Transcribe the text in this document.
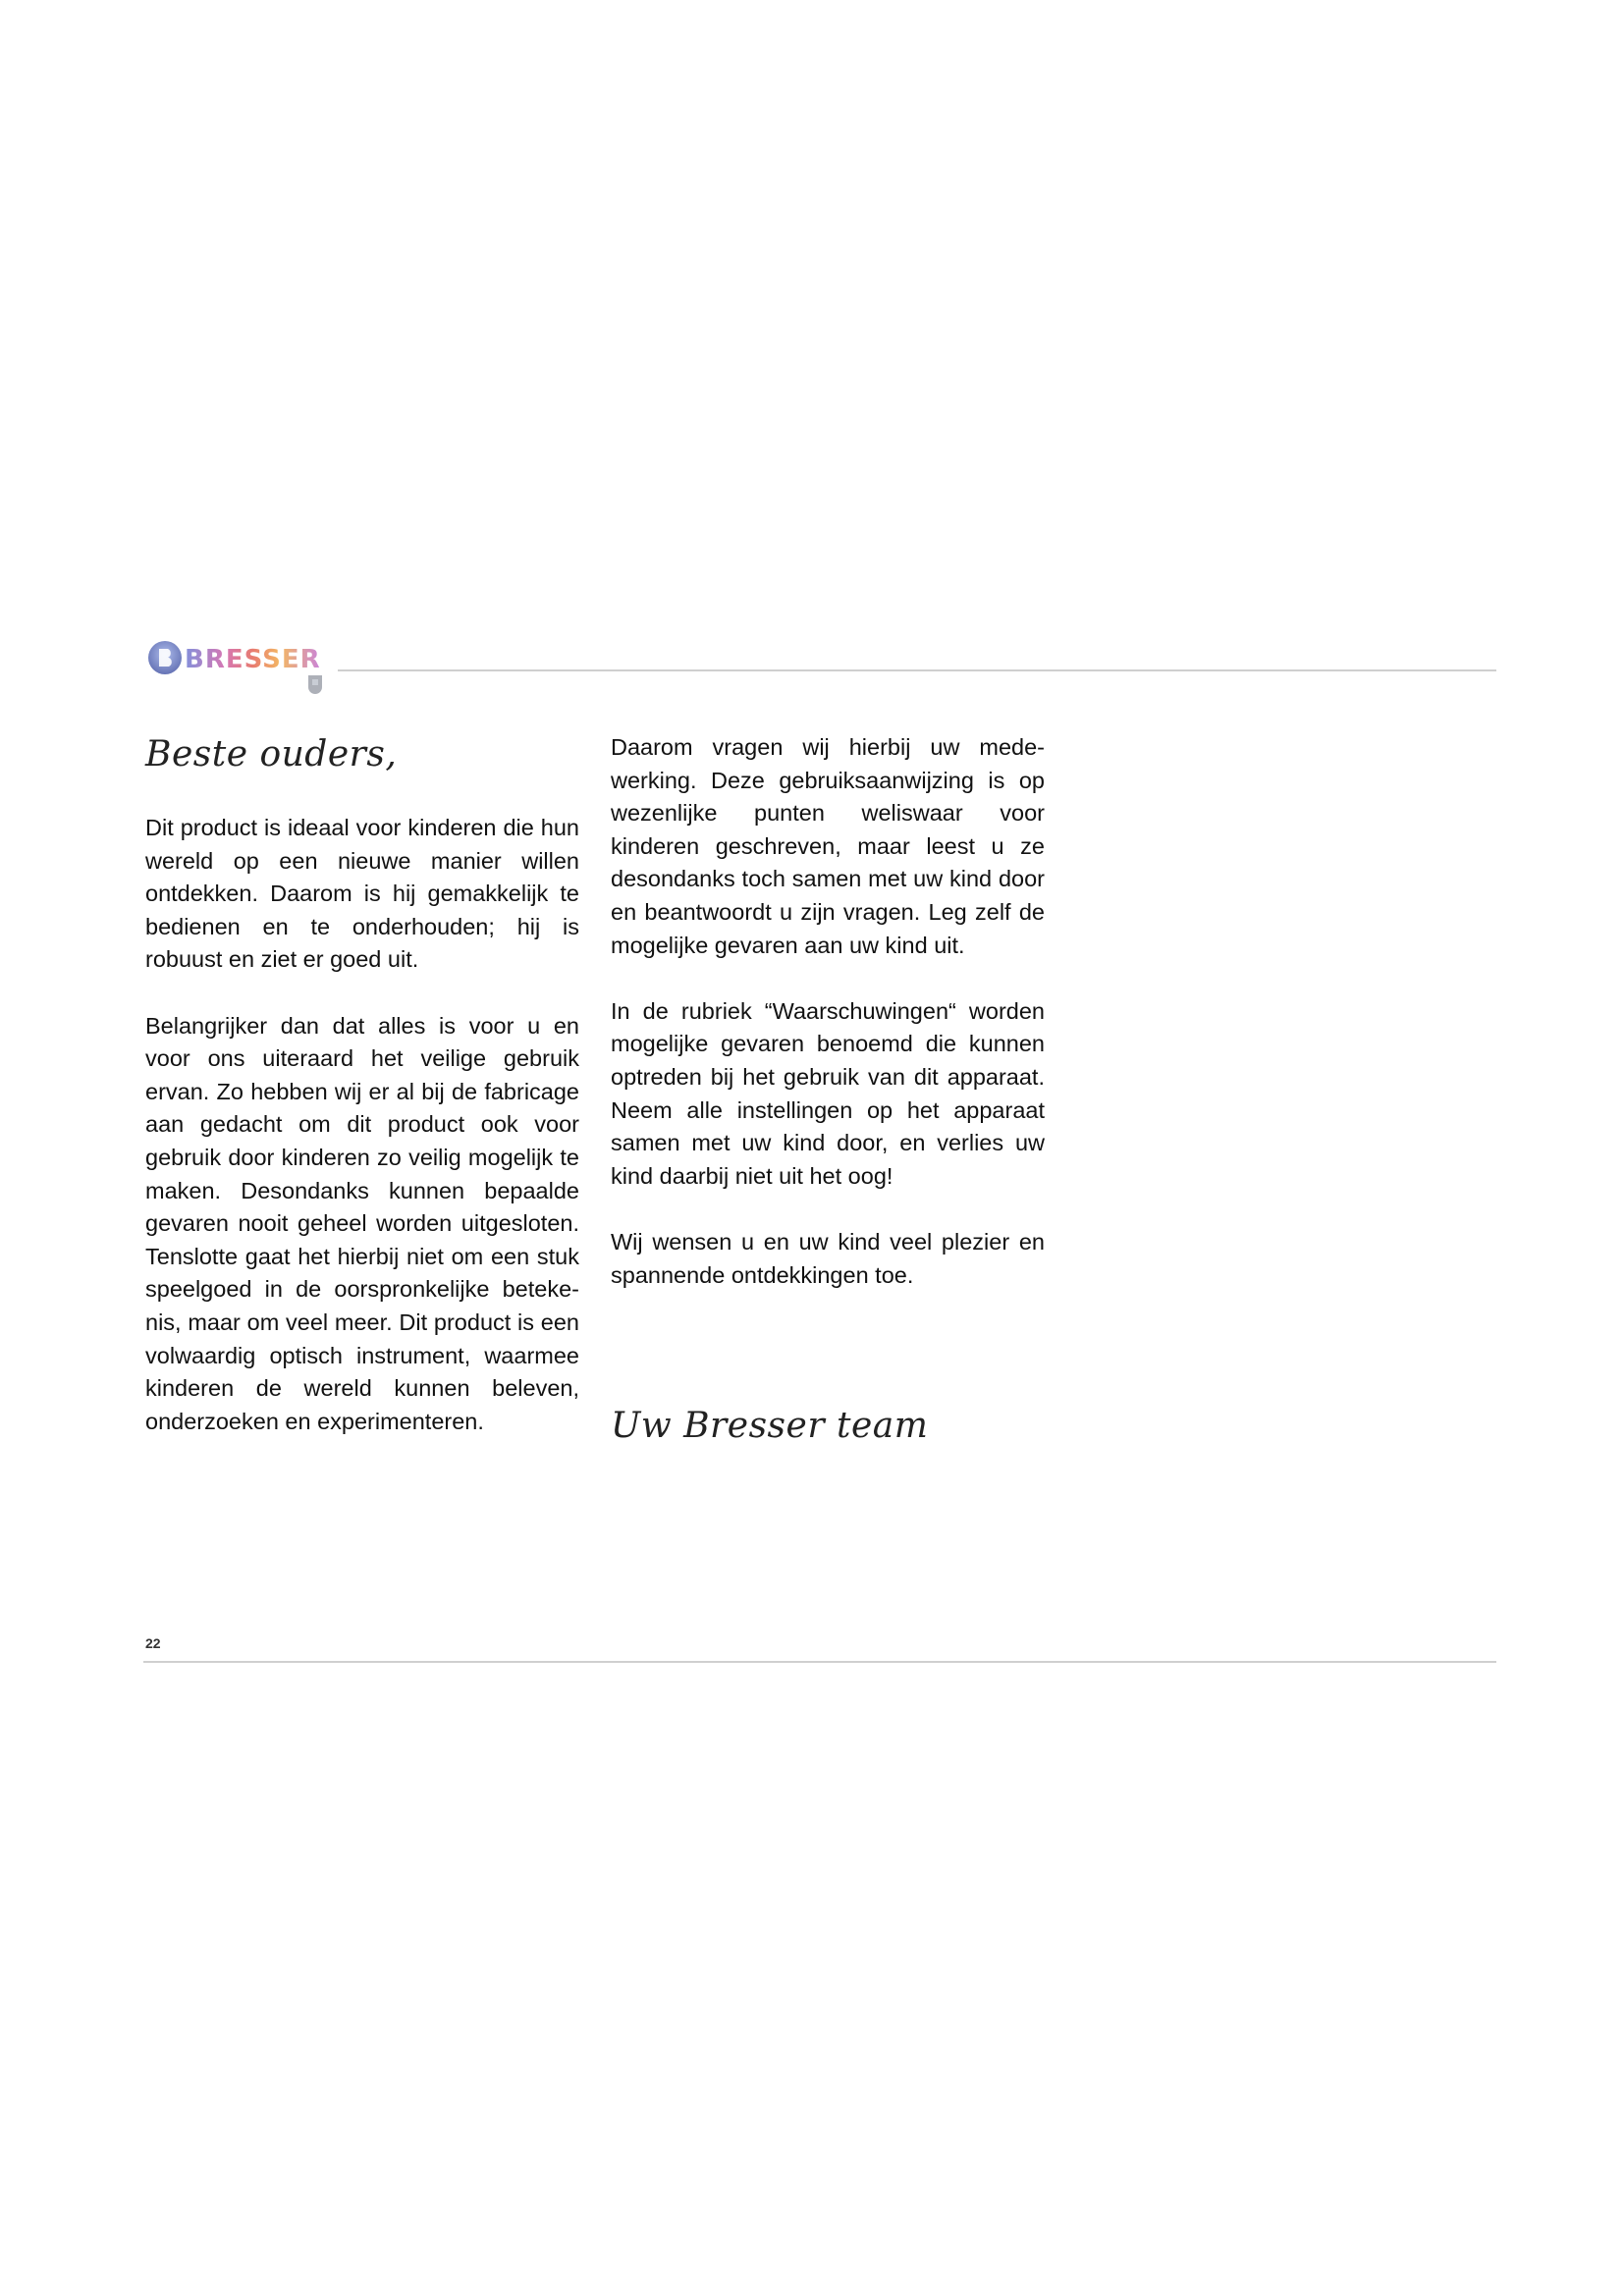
BRESSER
Beste ouders,

Dit product is ideaal voor kinderen die hun wereld op een nieuwe manier willen ontdekken. Daarom is hij gemakkelijk te bedienen en te onderhouden; hij is robuust en ziet er goed uit.

Belangrijker dan dat alles is voor u en voor ons uiteraard het veilige gebruik ervan. Zo hebben wij er al bij de fabricage aan gedacht om dit product ook voor gebruik door kinderen zo veilig mogelijk te maken. Desondanks kunnen bepaalde gevaren nooit geheel worden uitgesloten. Tenslotte gaat het hierbij niet om een stuk speelgoed in de oorspronkelijke betekenis, maar om veel meer. Dit product is een volwaardig optisch instrument, waarmee kinderen de wereld kunnen beleven, onderzoeken en experimenteren.

Daarom vragen wij hierbij uw medewerking. Deze gebruiksaanwijzing is op wezenlijke punten weliswaar voor kinderen geschreven, maar leest u ze desondanks toch samen met uw kind door en beantwoordt u zijn vragen. Leg zelf de mogelijke gevaren aan uw kind uit.

In de rubriek “Waarschuwingen“ worden mogelijke gevaren benoemd die kunnen optreden bij het gebruik van dit apparaat. Neem alle instellingen op het apparaat samen met uw kind door, en verlies uw kind daarbij niet uit het oog!

Wij wensen u en uw kind veel plezier en spannende ontdekkingen toe.

Uw Bresser team
22
